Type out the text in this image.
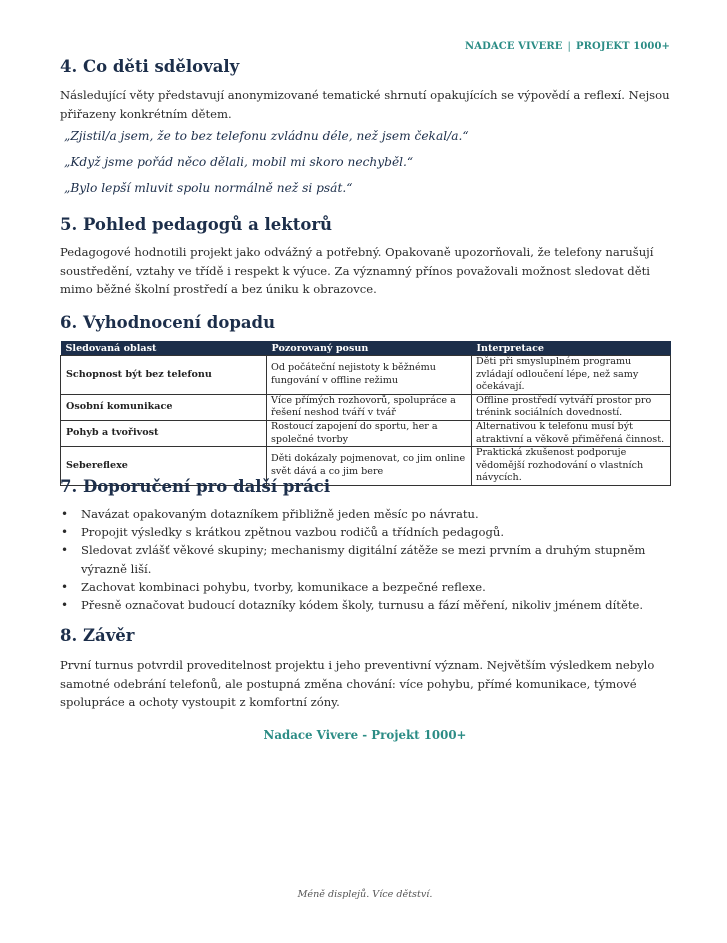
NADACE VIVERE | PROJEKT 1000+
4. Co děti sdělovaly

Následující věty představují anonymizované tematické shrnutí opakujících se výpovědí a reflexí. Nejsou přiřazeny konkrétním dětem.

„Zjistil/a jsem, že to bez telefonu zvládnu déle, než jsem čekal/a.“
„Když jsme pořád něco dělali, mobil mi skoro nechyběl.“
„Bylo lepší mluvit spolu normálně než si psát.“
5. Pohled pedagogů a lektorů

Pedagogové hodnotili projekt jako odvážný a potřebný. Opakovaně upozorňovali, že telefony narušují soustředění, vztahy ve třídě i respekt k výuce. Za významný přínos považovali možnost sledovat děti mimo běžné školní prostředí a bez úniku k obrazovce.

6. Vyhodnocení dopadu
Sledovaná oblast	Pozorovaný posun	Interpretace
Schopnost být bez telefonu	Od počáteční nejistoty k běžnému fungování v offline režimu	Děti při smysluplném programu zvládají odloučení lépe, než samy očekávají.
Osobní komunikace	Více přímých rozhovorů, spolupráce a řešení neshod tváří v tvář	Offline prostředí vytváří prostor pro trénink sociálních dovedností.
Pohyb a tvořivost	Rostoucí zapojení do sportu, her a společné tvorby	Alternativou k telefonu musí být atraktivní a věkově přiměřená činnost.
Sebereflexe	Děti dokázaly pojmenovat, co jim online svět dává a co jim bere	Praktická zkušenost podporuje vědomější rozhodování o vlastních návycích.
7. Doporučení pro další práci
• Navázat opakovaným dotazníkem přibližně jeden měsíc po návratu.
• Propojit výsledky s krátkou zpětnou vazbou rodičů a třídních pedagogů.
• Sledovat zvlášť věkové skupiny; mechanismy digitální zátěže se mezi prvním a druhým stupněm výrazně liší.
• Zachovat kombinaci pohybu, tvorby, komunikace a bezpečné reflexe.
• Přesně označovat budoucí dotazníky kódem školy, turnusu a fází měření, nikoliv jménem dítěte.
8. Závěr

První turnus potvrdil proveditelnost projektu i jeho preventivní význam. Největším výsledkem nebylo samotné odebrání telefonů, ale postupná změna chování: více pohybu, přímé komunikace, týmové spolupráce a ochoty vystoupit z komfortní zóny.

Nadace Vivere - Projekt 1000+
Méně displejů. Více dětství.
